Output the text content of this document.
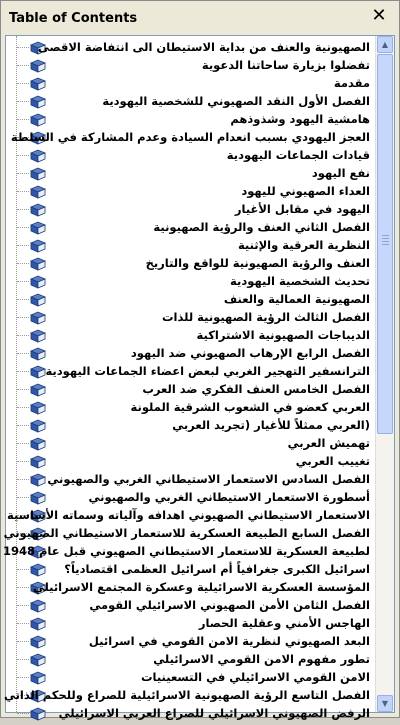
Table of Contents	✕
الصهيونية والعنف من بداية الاستيطان الى انتفاضة الاقصى
تفضلوا بزيارة ساحاتنا الدعوية
مقدمة
الفصل الأول النقد الصهيوني للشخصية اليهودية
هامشية اليهود وشذوذهم
العجز اليهودي بسبب انعدام السيادة وعدم المشاركة في السلطة
قيادات الجماعات اليهودية
نفع اليهود
العداء الصهيوني لليهود
اليهود في مقابل الأغيار
الفصل الثاني العنف والرؤية الصهيونية
النظرية العرقية والإثنية
العنف والرؤية الصهيونية للواقع والتاريخ
تحديث الشخصية اليهودية
الصهيونية العمالية والعنف
الفصل الثالث الرؤية الصهيونية للذات
الديباجات الصهيونية الاشتراكية
الفصل الرابع الإرهاب الصهيوني ضد اليهود
الترانسفير التهجير الغربي لبعض اعضاء الجماعات اليهودية
الفصل الخامس العنف الفكري ضد العرب
العربي كعضو في الشعوب الشرقية الملونة
(العربي ممثلاً للأغيار (تجريد العربي
تهميش العربي
تغييب العربي
الفصل السادس الاستعمار الاستيطاني الغربي والصهيوني
أسطورة الاستعمار الاستيطاني الغربي والصهيوني
الاستعمار الاستيطاني الصهيوني اهدافه وآلياته وسماته الأساسية
الفصل السابع الطبيعة العسكرية للاستعمار الاستيطاني الصهيوني
لطبيعة العسكرية للاستعمار الاستيطاني الصهيوني قبل عام 1948
اسرائيل الكبرى جغرافياً أم اسرائيل العظمى اقتصادياً؟
المؤسسة العسكرية الاسرائيلية وعسكرة المجتمع الاسرائيلي
الفصل الثامن الأمن الصهيوني الاسرائيلي القومي
الهاجس الأمني وعقلية الحصار
البعد الصهيوني لنظرية الامن القومي في اسرائيل
تطور مفهوم الامن القومي الاسرائيلي
الامن القومي الاسرائيلي في التسعينيات
الفصل التاسع الرؤية الصهيونية الاسرائيلية للصراع وللحكم الذاتي
الرفض الصهيوني الاسرائيلي للصراع العربي الاسرائيلي
▲
▼
